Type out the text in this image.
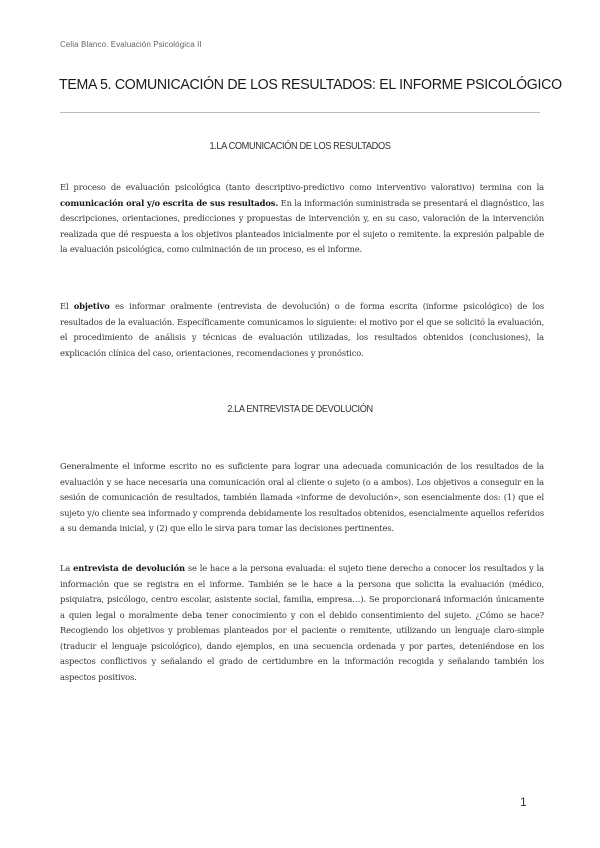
Celia Blanco. Evaluación Psicológica II
TEMA 5. COMUNICACIÓN DE LOS RESULTADOS: EL INFORME PSICOLÓGICO
1.LA COMUNICACIÓN DE LOS RESULTADOS
El proceso de evaluación psicológica (tanto descriptivo-predictivo como interventivo valorativo) termina con la comunicación oral y/o escrita de sus resultados. En la información suministrada se presentará el diagnóstico, las descripciones, orientaciones, predicciones y propuestas de intervención y, en su caso, valoración de la intervención realizada que dé respuesta a los objetivos planteados inicialmente por el sujeto o remitente. la expresión palpable de la evaluación psicológica, como culminación de un proceso, es el informe.
El objetivo es informar oralmente (entrevista de devolución) o de forma escrita (informe psicológico) de los resultados de la evaluación. Específicamente comunicamos lo siguiente: el motivo por el que se solicitó la evaluación, el procedimiento de análisis y técnicas de evaluación utilizadas, los resultados obtenidos (conclusiones), la explicación clínica del caso, orientaciones, recomendaciones y pronóstico.
2.LA ENTREVISTA DE DEVOLUCIÓN
Generalmente el informe escrito no es suficiente para lograr una adecuada comunicación de los resultados de la evaluación y se hace necesaria una comunicación oral al cliente o sujeto (o a ambos). Los objetivos a conseguir en la sesión de comunicación de resultados, también llamada «informe de devolución», son esencialmente dos: (1) que el sujeto y/o cliente sea informado y comprenda debidamente los resultados obtenidos, esencialmente aquellos referidos a su demanda inicial, y (2) que ello le sirva para tomar las decisiones pertinentes.
La entrevista de devolución se le hace a la persona evaluada: el sujeto tiene derecho a conocer los resultados y la información que se registra en el informe. También se le hace a la persona que solicita la evaluación (médico, psiquiatra, psicólogo, centro escolar, asistente social, familia, empresa…). Se proporcionará información únicamente a quien legal o moralmente deba tener conocimiento y con el debido consentimiento del sujeto. ¿Cómo se hace? Recogiendo los objetivos y problemas planteados por el paciente o remitente, utilizando un lenguaje claro-simple (traducir el lenguaje psicológico), dando ejemplos, en una secuencia ordenada y por partes, deteniéndose en los aspectos conflictivos y señalando el grado de certidumbre en la información recogida y señalando también los aspectos positivos.
1
